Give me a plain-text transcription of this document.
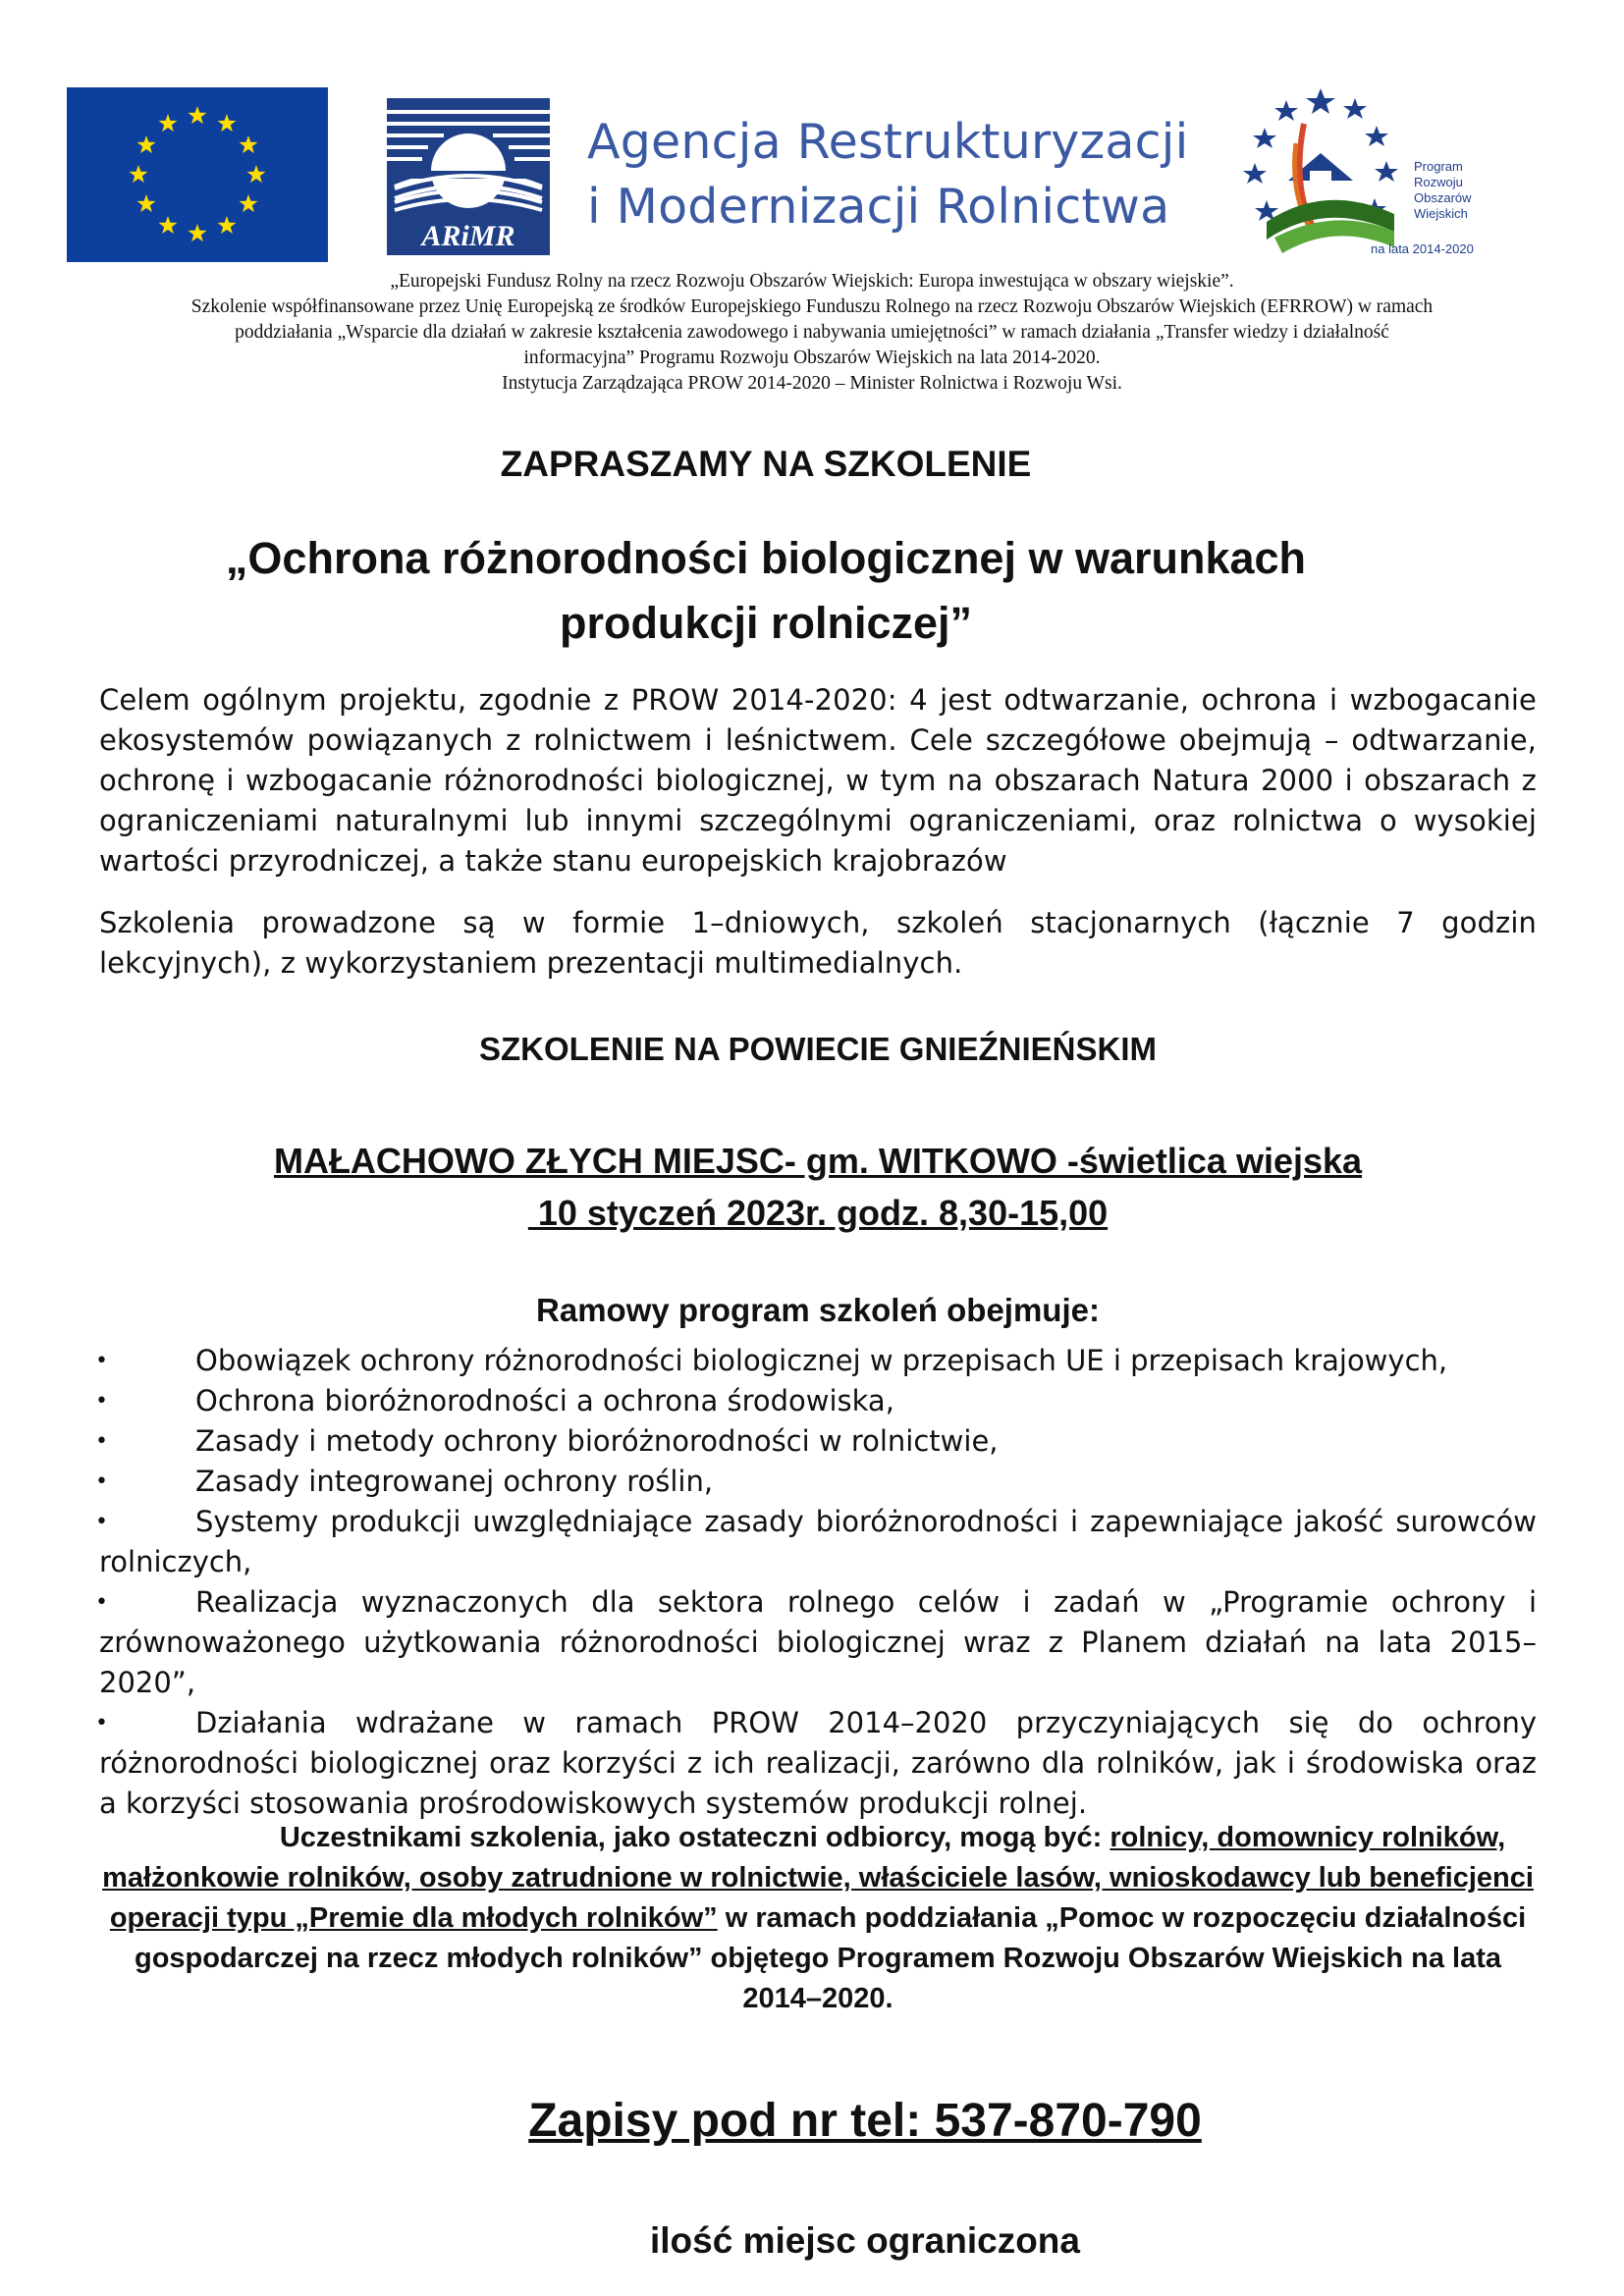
ARiMR
Agencja Restrukturyzacji
i Modernizacji Rolnictwa
Program
Rozwoju
Obszarów
Wiejskich
na lata 2014-2020
„Europejski Fundusz Rolny na rzecz Rozwoju Obszarów Wiejskich: Europa inwestująca w obszary wiejskie”.
Szkolenie współfinansowane przez Unię Europejską ze środków Europejskiego Funduszu Rolnego na rzecz Rozwoju Obszarów Wiejskich (EFRROW) w ramach
poddziałania „Wsparcie dla działań w zakresie kształcenia zawodowego i nabywania umiejętności” w ramach działania „Transfer wiedzy i działalność
informacyjna” Programu Rozwoju Obszarów Wiejskich na lata 2014-2020.
Instytucja Zarządzająca PROW 2014-2020 – Minister Rolnictwa i Rozwoju Wsi.
ZAPRASZAMY NA SZKOLENIE
„Ochrona różnorodności biologicznej w warunkach
produkcji rolniczej”
Celem ogólnym projektu, zgodnie z PROW 2014-2020: 4 jest odtwarzanie, ochrona i wzbogacanie ekosystemów powiązanych z rolnictwem i leśnictwem. Cele szczegółowe obejmują – odtwarzanie, ochronę i wzbogacanie różnorodności biologicznej, w tym na obszarach Natura 2000 i obszarach z ograniczeniami naturalnymi lub innymi szczególnymi ograniczeniami, oraz rolnictwa o wysokiej wartości przyrodniczej, a także stanu europejskich krajobrazów
Szkolenia prowadzone są w formie 1–dniowych, szkoleń stacjonarnych (łącznie 7 godzin lekcyjnych), z wykorzystaniem prezentacji multimedialnych.
SZKOLENIE NA POWIECIE GNIEŹNIEŃSKIM
MAŁACHOWO ZŁYCH MIEJSC- gm. WITKOWO -świetlica wiejska
10 styczeń 2023r. godz. 8,30-15,00
Ramowy program szkoleń obejmuje:
•	Obowiązek ochrony różnorodności biologicznej w przepisach UE i przepisach krajowych,
•	Ochrona bioróżnorodności a ochrona środowiska,
•	Zasady i metody ochrony bioróżnorodności w rolnictwie,
•	Zasady integrowanej ochrony roślin,
•	Systemy produkcji uwzględniające zasady bioróżnorodności i zapewniające jakość surowców rolniczych,
•	Realizacja wyznaczonych dla sektora rolnego celów i zadań w „Programie ochrony i zrównoważonego użytkowania różnorodności biologicznej wraz z Planem działań na lata 2015–2020”,
•	Działania wdrażane w ramach PROW 2014–2020 przyczyniających się do ochrony różnorodności biologicznej oraz korzyści z ich realizacji, zarówno dla rolników, jak i środowiska oraz a korzyści stosowania prośrodowiskowych systemów produkcji rolnej.
Uczestnikami szkolenia, jako ostateczni odbiorcy, mogą być: rolnicy, domownicy rolników, małżonkowie rolników, osoby zatrudnione w rolnictwie, właściciele lasów, wnioskodawcy lub beneficjenci operacji typu „Premie dla młodych rolników” w ramach poddziałania „Pomoc w rozpoczęciu działalności gospodarczej na rzecz młodych rolników” objętego Programem Rozwoju Obszarów Wiejskich na lata 2014–2020.
Zapisy pod nr tel: 537-870-790
ilość miejsc ograniczona
